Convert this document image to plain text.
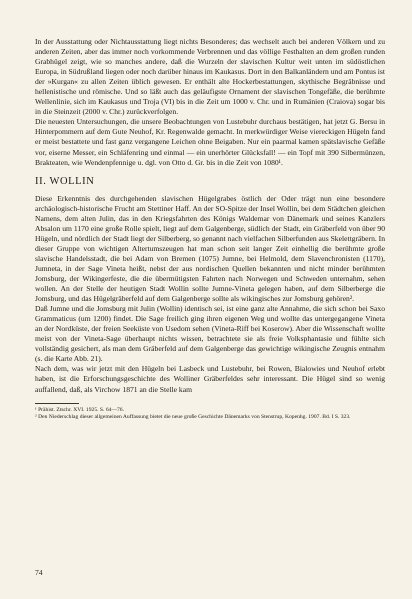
In der Ausstattung oder Nichtausstattung liegt nichts Besonderes; das wechselt auch bei anderen Völkern und zu anderen Zeiten, aber das immer noch vorkommende Verbrennen und das völlige Festhalten an dem großen runden Grabhügel zeigt, wie so manches andere, daß die Wurzeln der slavischen Kultur weit unten im südöstlichen Europa, in Südrußland liegen oder noch darüber hinaus im Kaukasus. Dort in den Balkanländern und am Pontus ist der »Kurgan« zu allen Zeiten üblich gewesen. Er enthält alte Hockerbestattungen, skythische Begräbnisse und hellenistische und römische. Und so läßt auch das geläufigste Ornament der slavischen Tongefäße, die berühmte Wellenlinie, sich im Kaukasus und Troja (VI) bis in die Zeit um 1000 v. Chr. und in Rumänien (Craiova) sogar bis in die Steinzeit (2000 v. Chr.) zurückverfolgen.

Die neuesten Untersuchungen, die unsere Beobachtungen von Lustebuhr durchaus bestätigen, hat jetzt G. Bersu in Hinterpommern auf dem Gute Neuhof, Kr. Regenwalde gemacht. In merkwürdiger Weise viereckigen Hügeln fand er meist bestattete und fast ganz vergangene Leichen ohne Beigaben. Nur ein paarmal kamen spätslavische Gefäße vor, eiserne Messer, ein Schläfenring und einmal — ein unerhörter Glücksfall! — ein Topf mit 390 Silbermünzen, Brakteaten, wie Wendenpfennige u. dgl. von Otto d. Gr. bis in die Zeit von 1080¹.

II. WOLLIN

Diese Erkenntnis des durchgehenden slavischen Hügelgrabes östlich der Oder trägt nun eine besondere archäologisch-historische Frucht am Stettiner Haff. An der SO-Spitze der Insel Wollin, bei dem Städtchen gleichen Namens, dem alten Julin, das in den Kriegsfahrten des Königs Waldemar von Dänemark und seines Kanzlers Absalon um 1170 eine große Rolle spielt, liegt auf dem Galgenberge, südlich der Stadt, ein Gräberfeld von über 90 Hügeln, und nördlich der Stadt liegt der Silberberg, so genannt nach vielfachen Silberfunden aus Skelettgräbern. In dieser Gruppe von wichtigen Altertumszeugen hat man schon seit langer Zeit einhellig die berühmte große slavische Handelsstadt, die bei Adam von Bremen (1075) Jumne, bei Helmold, dem Slavenchronisten (1170), Jumneta, in der Sage Vineta heißt, nebst der aus nordischen Quellen bekannten und nicht minder berühmten Jomsburg, der Wikingerfeste, die die übermütigsten Fahrten nach Norwegen und Schweden unternahm, sehen wollen. An der Stelle der heutigen Stadt Wollin sollte Jumne-Vineta gelegen haben, auf dem Silberberge die Jomsburg, und das Hügelgräberfeld auf dem Galgenberge sollte als wikingisches zur Jomsburg gehören².

Daß Jumne und die Jomsburg mit Julin (Wollin) identisch sei, ist eine ganz alte Annahme, die sich schon bei Saxo Grammaticus (um 1200) findet. Die Sage freilich ging ihren eigenen Weg und wollte das untergegangene Vineta an der Nordküste, der freien Seeküste von Usedom sehen (Vineta-Riff bei Koserow). Aber die Wissenschaft wollte meist von der Vineta-Sage überhaupt nichts wissen, betrachtete sie als freie Volksphantasie und fühlte sich vollständig gesichert, als man dem Gräberfeld auf dem Galgenberge das gewichtige wikingische Zeugnis entnahm (s. die Karte Abb. 21).

Nach dem, was wir jetzt mit den Hügeln bei Lasbeck und Lustebuhr, bei Rowen, Bialowies und Neuhof erlebt haben, ist die Erforschungsgeschichte des Wolliner Gräberfeldes sehr interessant. Die Hügel sind so wenig auffallend, daß, als Virchow 1871 an die Stelle kam

¹ Prähist. Ztschr. XVI. 1925. S. 64—76.

² Den Niederschlag dieser allgemeinen Auffassung bietet die neue große Geschichte Dänemarks von Stenstrup, Kopenhg. 1907. Bd. I S. 323.

74
